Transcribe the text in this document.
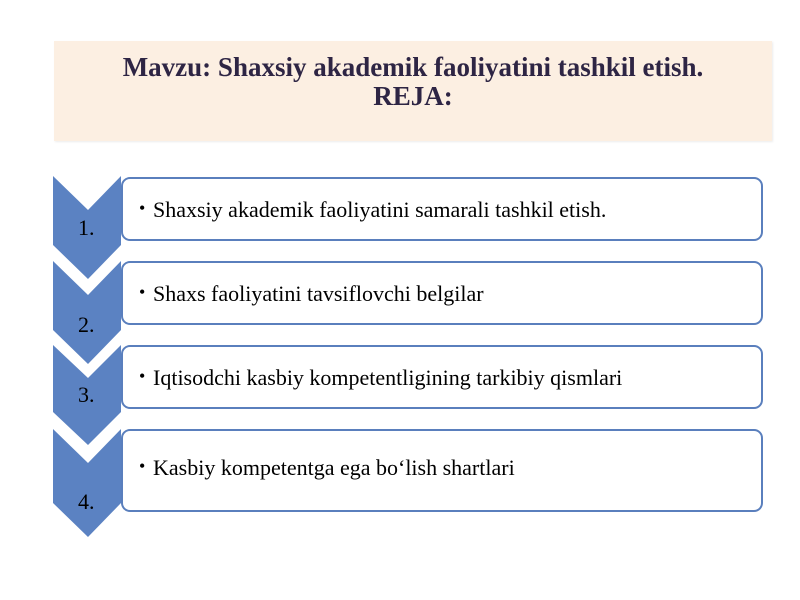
Mavzu: Shaxsiy akademik faoliyatini tashkil etish.
REJA:
1.
2.
3.
4.
• Shaxsiy akademik faoliyatini samarali tashkil etish.
• Shaxs faoliyatini tavsiflovchi belgilar
• Iqtisodchi kasbiy kompetentligining tarkibiy qismlari
• Kasbiy kompetentga ega bo‘lish shartlari
